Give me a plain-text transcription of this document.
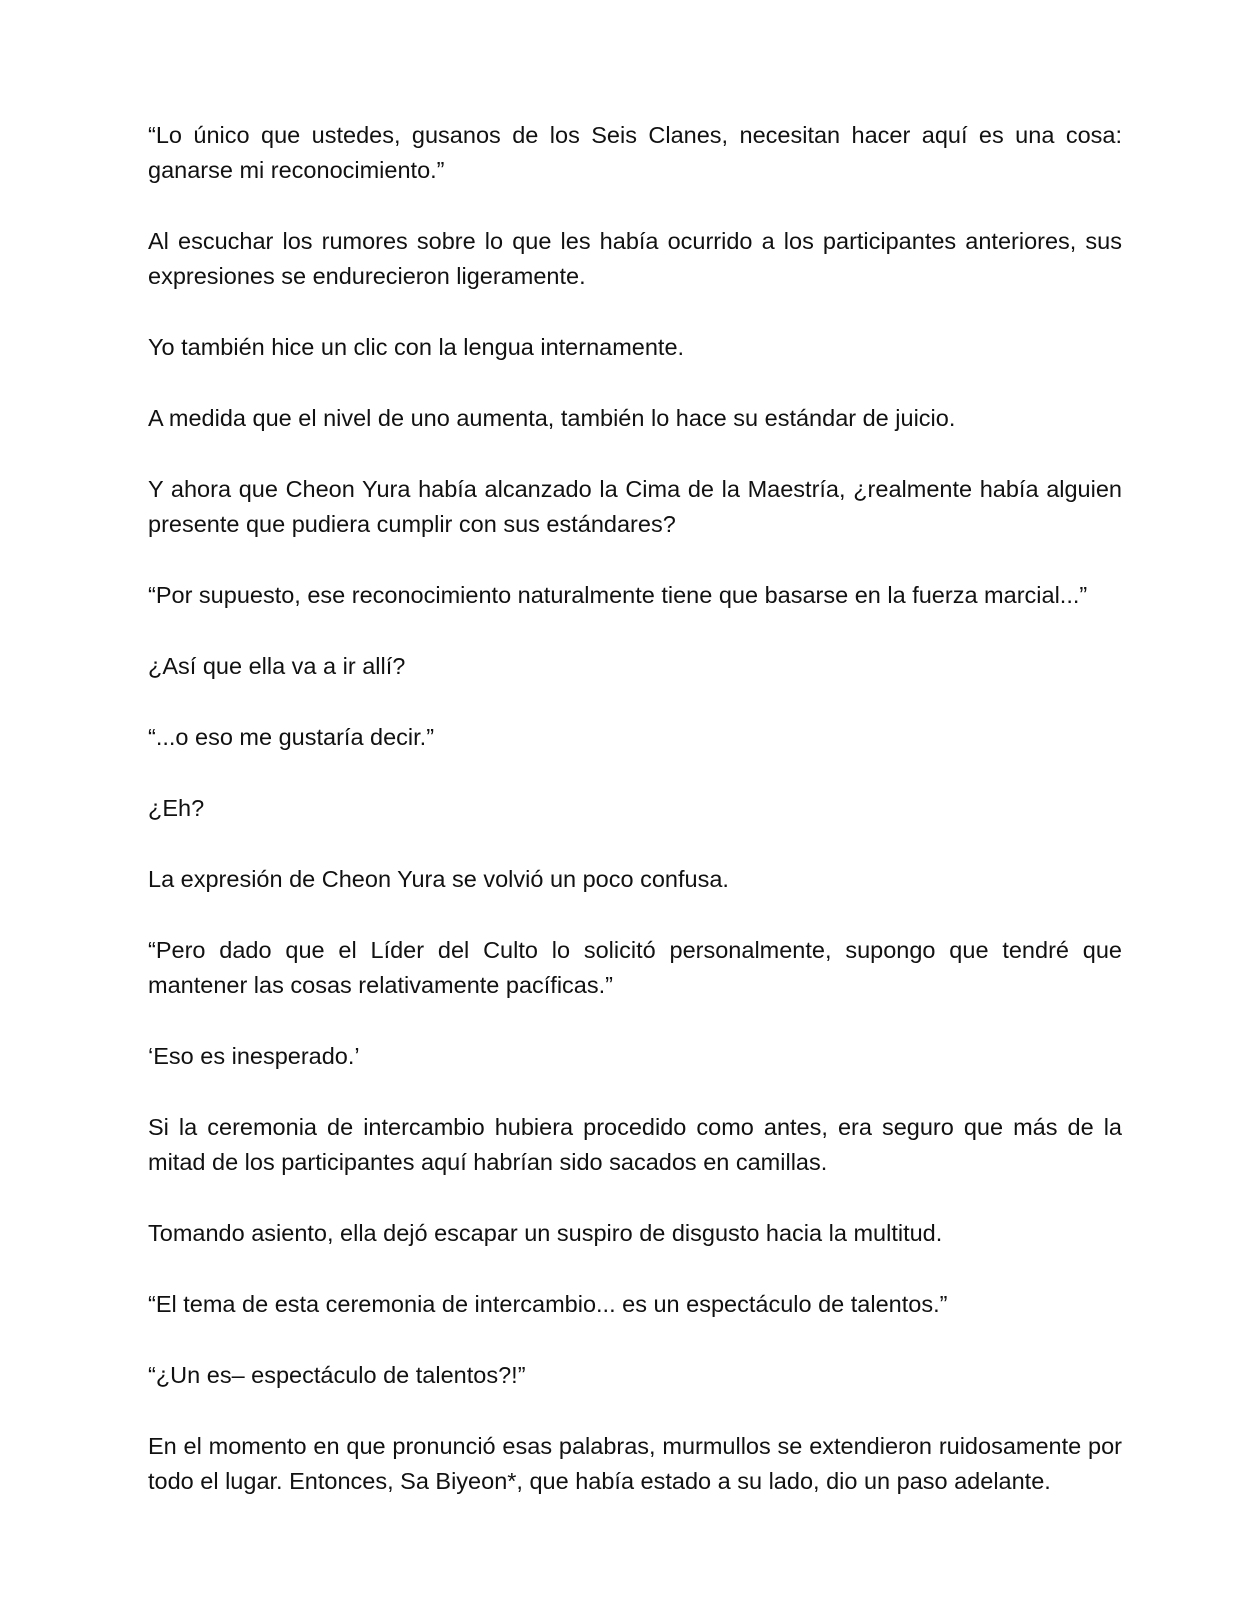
“Lo único que ustedes, gusanos de los Seis Clanes, necesitan hacer aquí es una cosa: ganarse mi reconocimiento.”

Al escuchar los rumores sobre lo que les había ocurrido a los participantes anteriores, sus expresiones se endurecieron ligeramente.

Yo también hice un clic con la lengua internamente.

A medida que el nivel de uno aumenta, también lo hace su estándar de juicio.

Y ahora que Cheon Yura había alcanzado la Cima de la Maestría, ¿realmente había alguien presente que pudiera cumplir con sus estándares?

“Por supuesto, ese reconocimiento naturalmente tiene que basarse en la fuerza marcial...”

¿Así que ella va a ir allí?

“...o eso me gustaría decir.”

¿Eh?

La expresión de Cheon Yura se volvió un poco confusa.

“Pero dado que el Líder del Culto lo solicitó personalmente, supongo que tendré que mantener las cosas relativamente pacíficas.”

‘Eso es inesperado.’

Si la ceremonia de intercambio hubiera procedido como antes, era seguro que más de la mitad de los participantes aquí habrían sido sacados en camillas.

Tomando asiento, ella dejó escapar un suspiro de disgusto hacia la multitud.

“El tema de esta ceremonia de intercambio... es un espectáculo de talentos.”

“¿Un es– espectáculo de talentos?!”

En el momento en que pronunció esas palabras, murmullos se extendieron ruidosamente por todo el lugar. Entonces, Sa Biyeon*, que había estado a su lado, dio un paso adelante.
